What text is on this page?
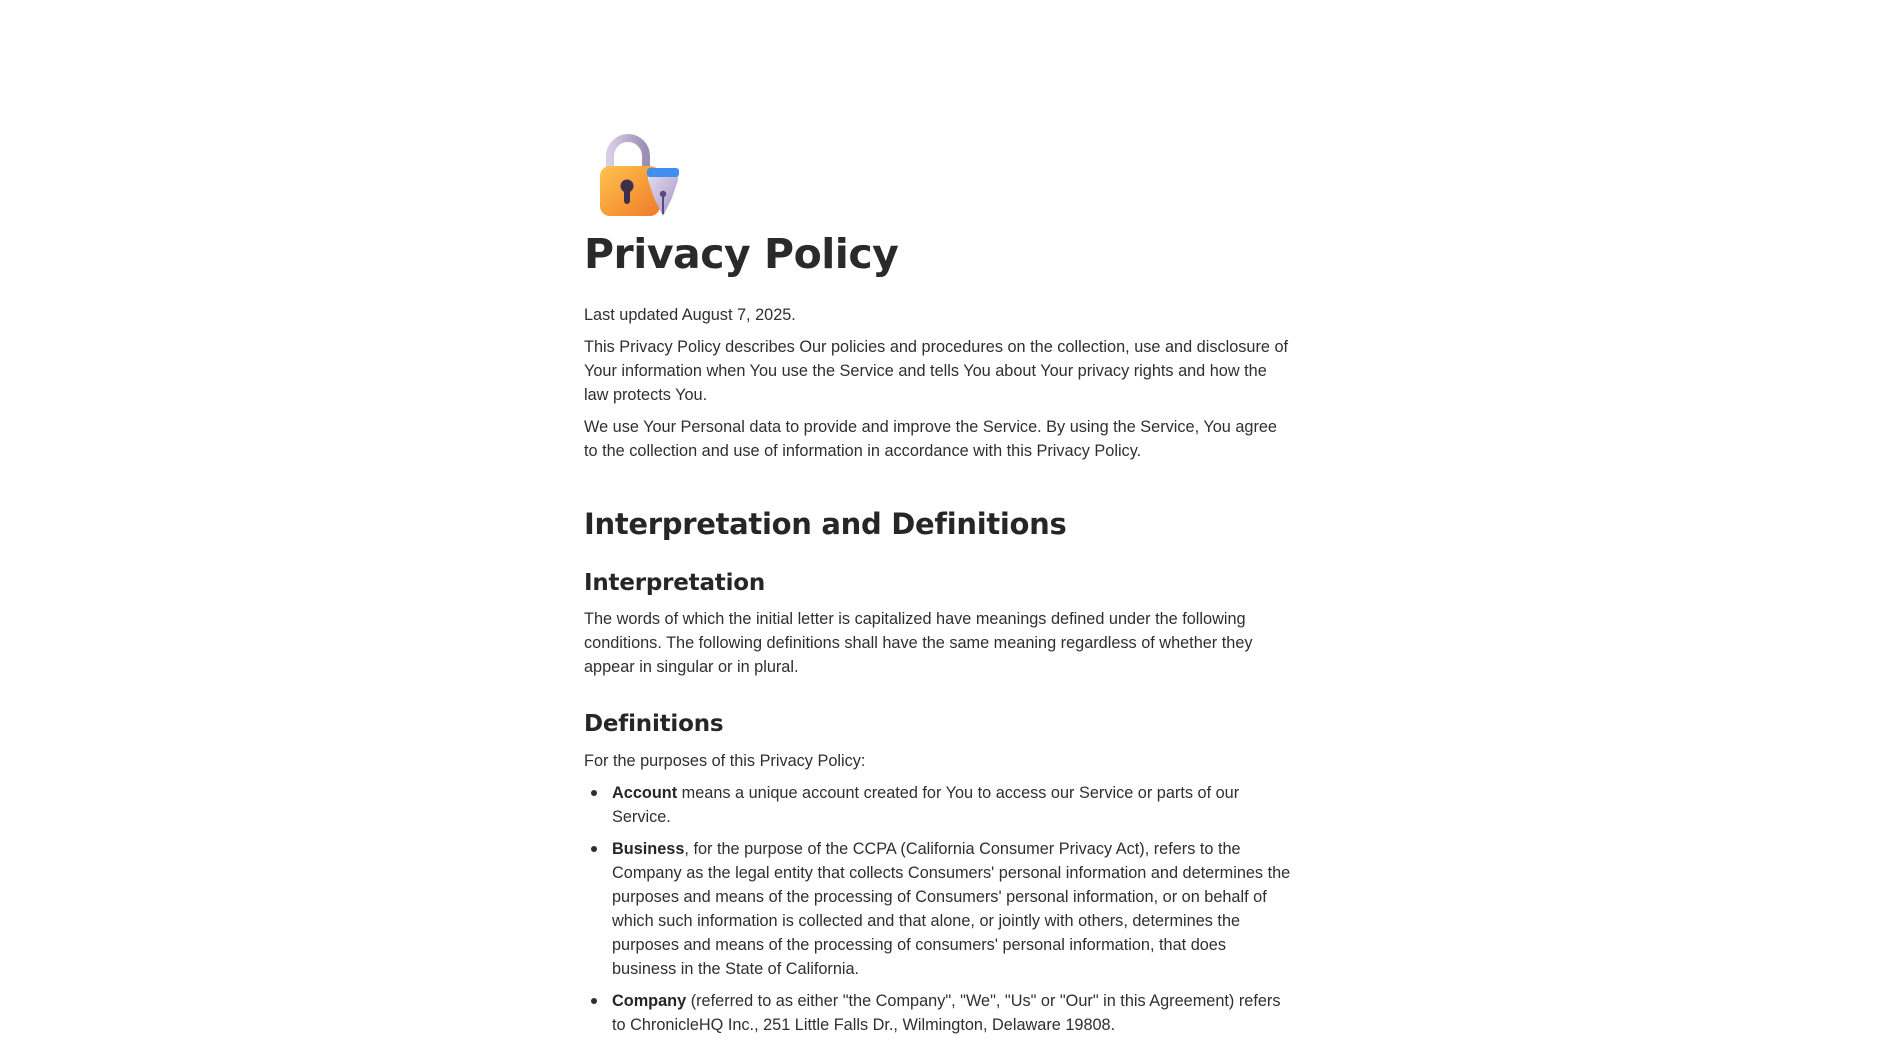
Privacy Policy

Last updated August 7, 2025.

This Privacy Policy describes Our policies and procedures on the collection, use and disclosure of Your information when You use the Service and tells You about Your privacy rights and how the law protects You.

We use Your Personal data to provide and improve the Service. By using the Service, You agree to the collection and use of information in accordance with this Privacy Policy.

Interpretation and Definitions
Interpretation

The words of which the initial letter is capitalized have meanings defined under the following conditions. The following definitions shall have the same meaning regardless of whether they appear in singular or in plural.

Definitions

For the purposes of this Privacy Policy:

Account means a unique account created for You to access our Service or parts of our Service.
Business, for the purpose of the CCPA (California Consumer Privacy Act), refers to the Company as the legal entity that collects Consumers' personal information and determines the purposes and means of the processing of Consumers' personal information, or on behalf of which such information is collected and that alone, or jointly with others, determines the purposes and means of the processing of consumers' personal information, that does business in the State of California.
Company (referred to as either "the Company", "We", "Us" or "Our" in this Agreement) refers to ChronicleHQ Inc., 251 Little Falls Dr., Wilmington, Delaware 19808.
